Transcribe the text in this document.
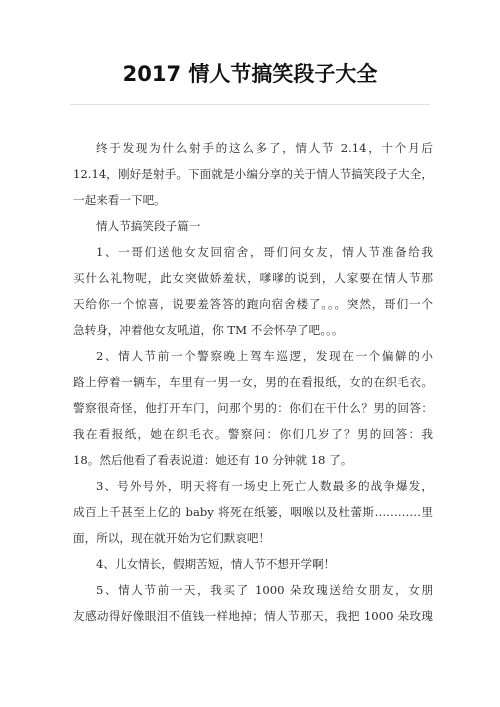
2017 情人节搞笑段子大全
终于发现为什么射手的这么多了，情人节 2.14，十个月后
12.14，刚好是射手。下面就是小编分享的关于情人节搞笑段子大全，
一起来看一下吧。
情人节搞笑段子篇一
1、一哥们送他女友回宿舍，哥们问女友，情人节准备给我
买什么礼物呢，此女突做娇羞状，嗲嗲的说到，人家要在情人节那
天给你一个惊喜，说要羞答答的跑向宿舍楼了。。。突然，哥们一个
急转身，冲着他女友吼道，你 TM 不会怀孕了吧。。。
2、情人节前一个警察晚上驾车巡逻，发现在一个偏僻的小
路上停着一辆车，车里有一男一女，男的在看报纸，女的在织毛衣。
警察很奇怪，他打开车门，问那个男的：你们在干什么？男的回答：
我在看报纸，她在织毛衣。警察问：你们几岁了？男的回答：我
18。然后他看了看表说道：她还有 10 分钟就 18 了。
3、号外号外，明天将有一场史上死亡人数最多的战争爆发，
成百上千甚至上亿的 baby 将死在纸篓，咽喉以及杜蕾斯…………里
面，所以，现在就开始为它们默哀吧！
4、儿女情长，假期苦短，情人节不想开学啊！
5、情人节前一天，我买了 1000 朵玫瑰送给女朋友，女朋
友感动得好像眼泪不值钱一样地掉；情人节那天，我把 1000 朵玫瑰
